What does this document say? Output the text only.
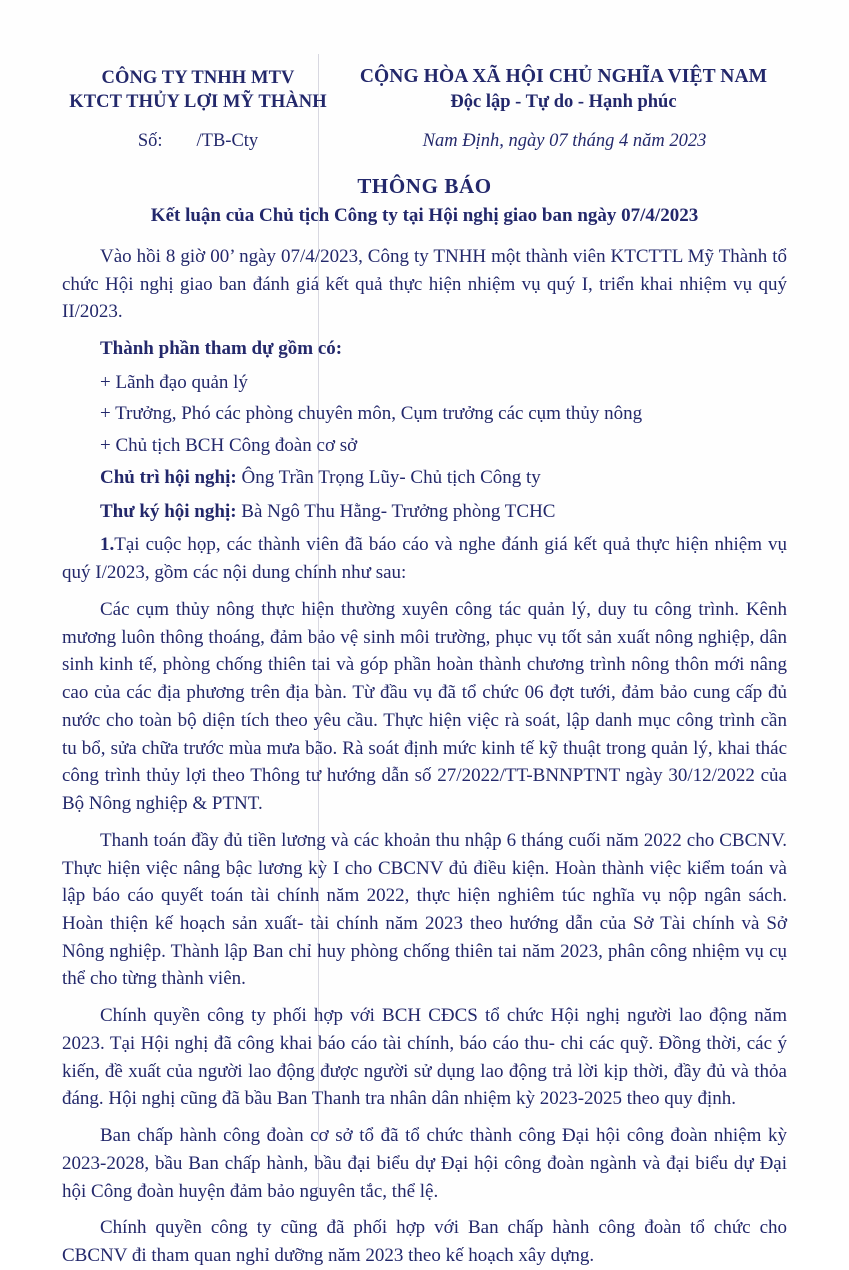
CÔNG TY TNHH MTV
KTCT THỦY LỢI MỸ THÀNH
CỘNG HÒA XÃ HỘI CHỦ NGHĨA VIỆT NAM
Độc lập - Tự do - Hạnh phúc
Số: /TB-Cty	Nam Định, ngày 07 tháng 4 năm 2023
THÔNG BÁO
Kết luận của Chủ tịch Công ty tại Hội nghị giao ban ngày 07/4/2023

Vào hồi 8 giờ 00’ ngày 07/4/2023, Công ty TNHH một thành viên KTCTTL Mỹ Thành tổ chức Hội nghị giao ban đánh giá kết quả thực hiện nhiệm vụ quý I, triển khai nhiệm vụ quý II/2023.

Thành phần tham dự gồm có:

+ Lãnh đạo quản lý

+ Trưởng, Phó các phòng chuyên môn, Cụm trưởng các cụm thủy nông

+ Chủ tịch BCH Công đoàn cơ sở

Chủ trì hội nghị: Ông Trần Trọng Lũy- Chủ tịch Công ty

Thư ký hội nghị: Bà Ngô Thu Hằng- Trưởng phòng TCHC

1.Tại cuộc họp, các thành viên đã báo cáo và nghe đánh giá kết quả thực hiện nhiệm vụ quý I/2023, gồm các nội dung chính như sau:

Các cụm thủy nông thực hiện thường xuyên công tác quản lý, duy tu công trình. Kênh mương luôn thông thoáng, đảm bảo vệ sinh môi trường, phục vụ tốt sản xuất nông nghiệp, dân sinh kinh tế, phòng chống thiên tai và góp phần hoàn thành chương trình nông thôn mới nâng cao của các địa phương trên địa bàn. Từ đầu vụ đã tổ chức 06 đợt tưới, đảm bảo cung cấp đủ nước cho toàn bộ diện tích theo yêu cầu. Thực hiện việc rà soát, lập danh mục công trình cần tu bổ, sửa chữa trước mùa mưa bão. Rà soát định mức kinh tế kỹ thuật trong quản lý, khai thác công trình thủy lợi theo Thông tư hướng dẫn số 27/2022/TT-BNNPTNT ngày 30/12/2022 của Bộ Nông nghiệp & PTNT.

Thanh toán đầy đủ tiền lương và các khoản thu nhập 6 tháng cuối năm 2022 cho CBCNV. Thực hiện việc nâng bậc lương kỳ I cho CBCNV đủ điều kiện. Hoàn thành việc kiểm toán và lập báo cáo quyết toán tài chính năm 2022, thực hiện nghiêm túc nghĩa vụ nộp ngân sách. Hoàn thiện kế hoạch sản xuất- tài chính năm 2023 theo hướng dẫn của Sở Tài chính và Sở Nông nghiệp. Thành lập Ban chỉ huy phòng chống thiên tai năm 2023, phân công nhiệm vụ cụ thể cho từng thành viên.

Chính quyền công ty phối hợp với BCH CĐCS tổ chức Hội nghị người lao động năm 2023. Tại Hội nghị đã công khai báo cáo tài chính, báo cáo thu- chi các quỹ. Đồng thời, các ý kiến, đề xuất của người lao động được người sử dụng lao động trả lời kịp thời, đầy đủ và thỏa đáng. Hội nghị cũng đã bầu Ban Thanh tra nhân dân nhiệm kỳ 2023-2025 theo quy định.

Ban chấp hành công đoàn cơ sở tổ đã tổ chức thành công Đại hội công đoàn nhiệm kỳ 2023-2028, bầu Ban chấp hành, bầu đại biểu dự Đại hội công đoàn ngành và đại biểu dự Đại hội Công đoàn huyện đảm bảo nguyên tắc, thể lệ.

Chính quyền công ty cũng đã phối hợp với Ban chấp hành công đoàn tổ chức cho CBCNV đi tham quan nghỉ dưỡng năm 2023 theo kế hoạch xây dựng.
